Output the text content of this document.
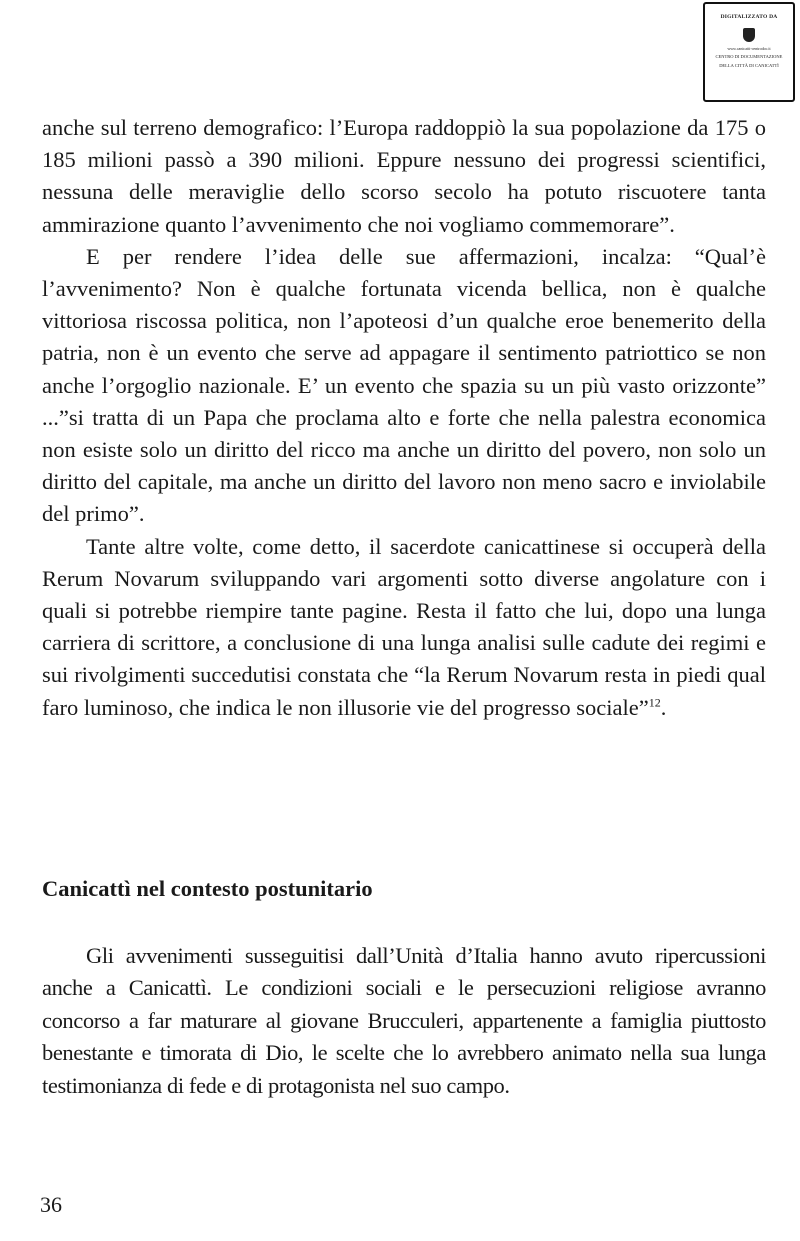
DIGITALIZZATO DA
www.canicatti-centrodoc.it
CENTRO DI DOCUMENTAZIONE
DELLA CITTÀ DI CANICATTÌ

anche sul terreno demografico: l’Europa raddoppiò la sua popolazione da 175 o 185 milioni passò a 390 milioni. Eppure nessuno dei progressi scientifici, nessuna delle meraviglie dello scorso secolo ha potuto riscuotere tanta ammirazione quanto l’avvenimento che noi vogliamo commemorare”.

E per rendere l’idea delle sue affermazioni, incalza: “Qual’è l’avvenimento? Non è qualche fortunata vicenda bellica, non è qualche vittoriosa riscossa politica, non l’apoteosi d’un qualche eroe benemerito della patria, non è un evento che serve ad appagare il sentimento patriottico se non anche l’orgoglio nazionale. E’ un evento che spazia su un più vasto orizzonte” ...”si tratta di un Papa che proclama alto e forte che nella palestra economica non esiste solo un diritto del ricco ma anche un diritto del povero, non solo un diritto del capitale, ma anche un diritto del lavoro non meno sacro e inviolabile del primo”.

Tante altre volte, come detto, il sacerdote canicattinese si occuperà della Rerum Novarum sviluppando vari argomenti sotto diverse angolature con i quali si potrebbe riempire tante pagine. Resta il fatto che lui, dopo una lunga carriera di scrittore, a conclusione di una lunga analisi sulle cadute dei regimi e sui rivolgimenti succedutisi constata che “la Rerum Novarum resta in piedi qual faro luminoso, che indica le non illusorie vie del progresso sociale”$^{12}$.

Canicattì nel contesto postunitario

Gli avvenimenti susseguitisi dall’Unità d’Italia hanno avuto ripercussioni anche a Canicattì. Le condizioni sociali e le persecuzioni religiose avranno concorso a far maturare al giovane Brucculeri, appartenente a famiglia piuttosto benestante e timorata di Dio, le scelte che lo avrebbero animato nella sua lunga testimonianza di fede e di protagonista nel suo campo.

36
